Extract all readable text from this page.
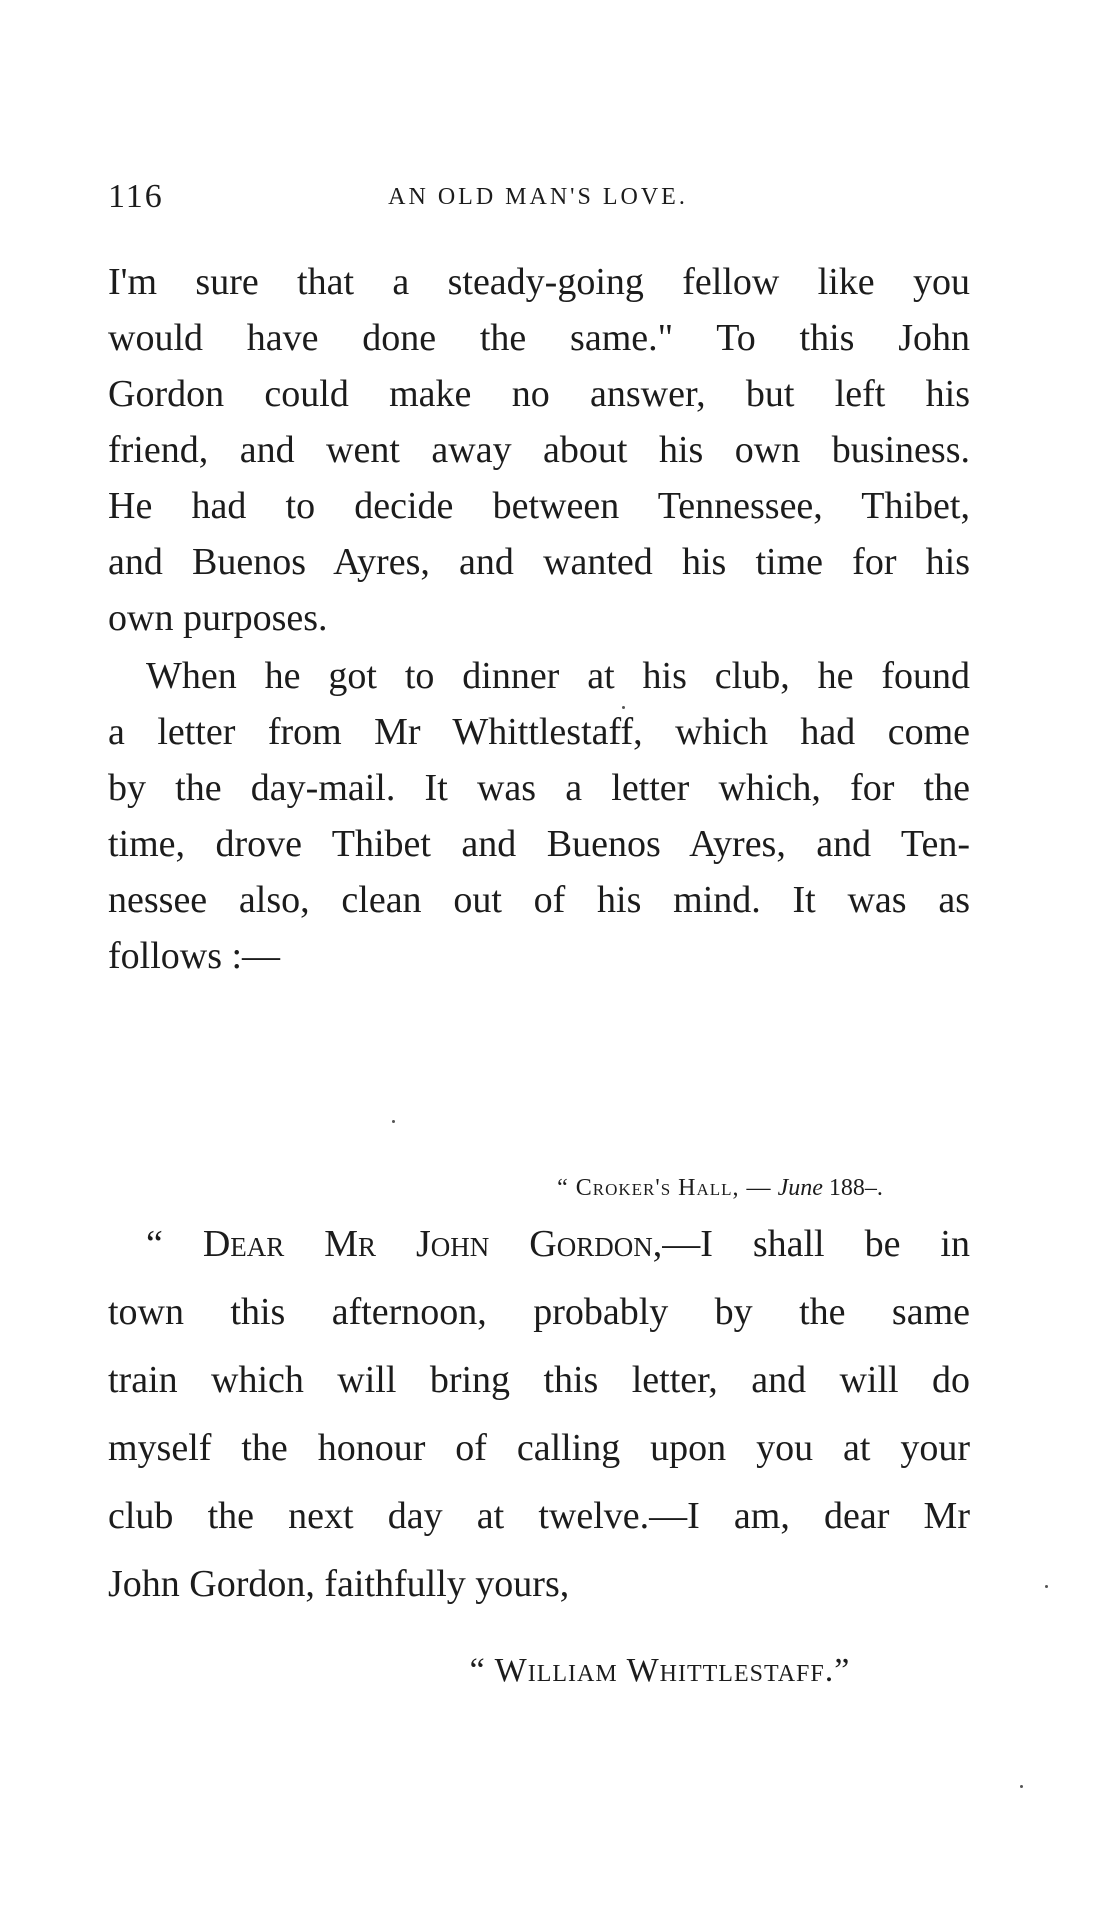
116	AN OLD MAN'S LOVE.
I'm sure that a steady-going fellow like you
would have done the same." To this John
Gordon could make no answer, but left his
friend, and went away about his own business.
He had to decide between Tennessee, Thibet,
and Buenos Ayres, and wanted his time for his
own purposes.
When he got to dinner at his club, he found
a letter from Mr Whittlestaff, which had come
by the day-mail. It was a letter which, for the
time, drove Thibet and Buenos Ayres, and Ten-
nessee also, clean out of his mind. It was as
follows :—
“ Croker's Hall, — June 188–.
“ Dear Mr John Gordon,—I shall be in
town this afternoon, probably by the same
train which will bring this letter, and will do
myself the honour of calling upon you at your
club the next day at twelve.—I am, dear Mr
John Gordon, faithfully yours,
“ William Whittlestaff.”
